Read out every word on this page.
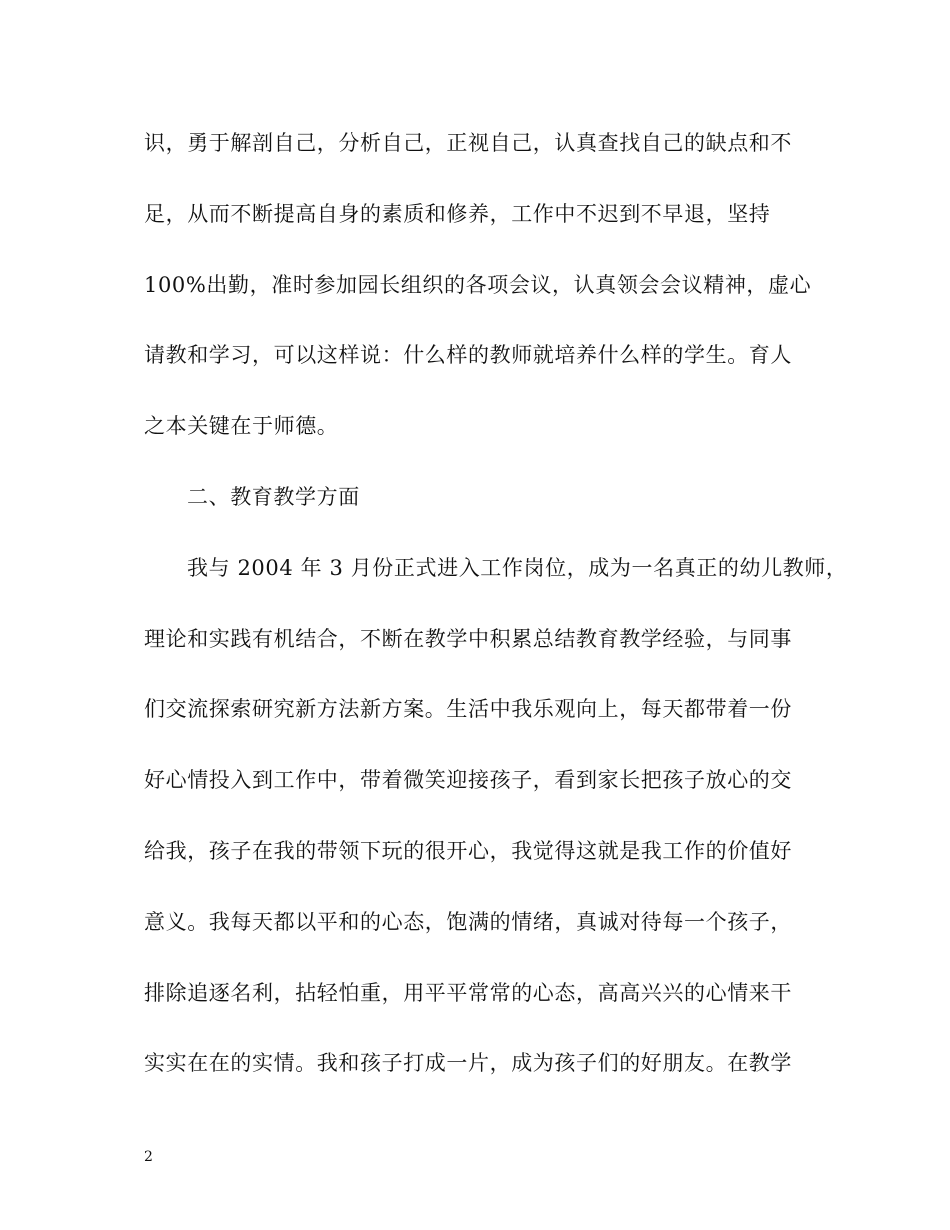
识，勇于解剖自己，分析自己，正视自己，认真查找自己的缺点和不
足，从而不断提高自身的素质和修养，工作中不迟到不早退，坚持
100%出勤，准时参加园长组织的各项会议，认真领会会议精神，虚心
请教和学习，可以这样说：什么样的教师就培养什么样的学生。育人
之本关键在于师德。
二、教育教学方面
我与 2004 年 3 月份正式进入工作岗位，成为一名真正的幼儿教师，
理论和实践有机结合，不断在教学中积累总结教育教学经验，与同事
们交流探索研究新方法新方案。生活中我乐观向上，每天都带着一份
好心情投入到工作中，带着微笑迎接孩子，看到家长把孩子放心的交
给我，孩子在我的带领下玩的很开心，我觉得这就是我工作的价值好
意义。我每天都以平和的心态，饱满的情绪，真诚对待每一个孩子，
排除追逐名利，拈轻怕重，用平平常常的心态，高高兴兴的心情来干
实实在在的实情。我和孩子打成一片，成为孩子们的好朋友。在教学
2
